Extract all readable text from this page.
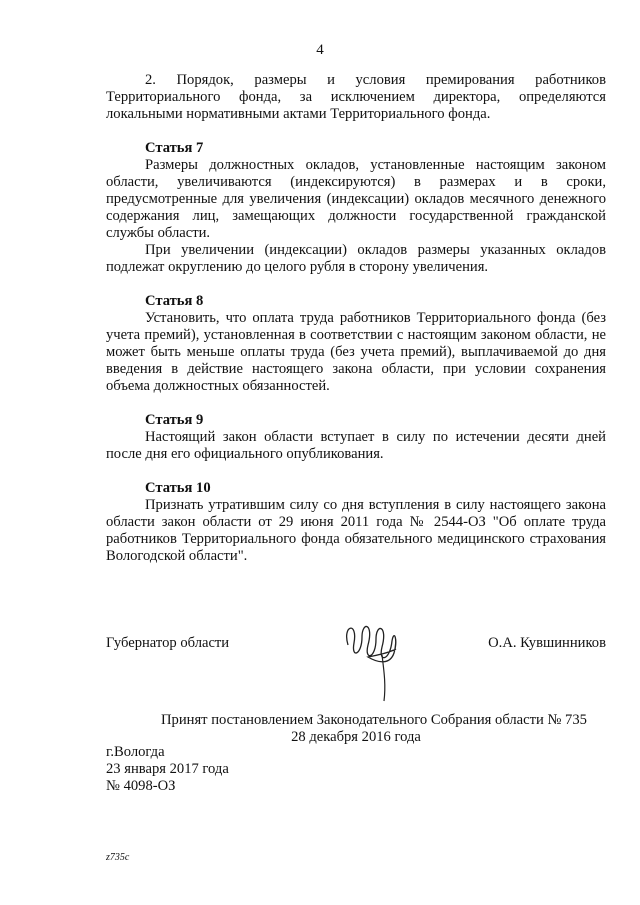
4

2. Порядок, размеры и условия премирования работников Территориального фонда, за исключением директора, определяются локальными нормативными актами Территориального фонда.

Статья 7

Размеры должностных окладов, установленные настоящим законом области, увеличиваются (индексируются) в размерах и в сроки, предусмотренные для увеличения (индексации) окладов месячного денежного содержания лиц, замещающих должности государственной гражданской службы области.

При увеличении (индексации) окладов размеры указанных окладов подлежат округлению до целого рубля в сторону увеличения.

Статья 8

Установить, что оплата труда работников Территориального фонда (без учета премий), установленная в соответствии с настоящим законом области, не может быть меньше оплаты труда (без учета премий), выплачиваемой до дня введения в действие настоящего закона области, при условии сохранения объема должностных обязанностей.

Статья 9

Настоящий закон области вступает в силу по истечении десяти дней после дня его официального опубликования.

Статья 10

Признать утратившим силу со дня вступления в силу настоящего закона области закон области от 29 июня 2011 года № 2544-ОЗ "Об оплате труда работников Территориального фонда обязательного медицинского страхования Вологодской области".

Губернатор области	О.А. Кувшинников

Принят постановлением Законодательного Собрания области № 735

28 декабря 2016 года

г.Вологда

23 января 2017 года

№ 4098-ОЗ

z735c
